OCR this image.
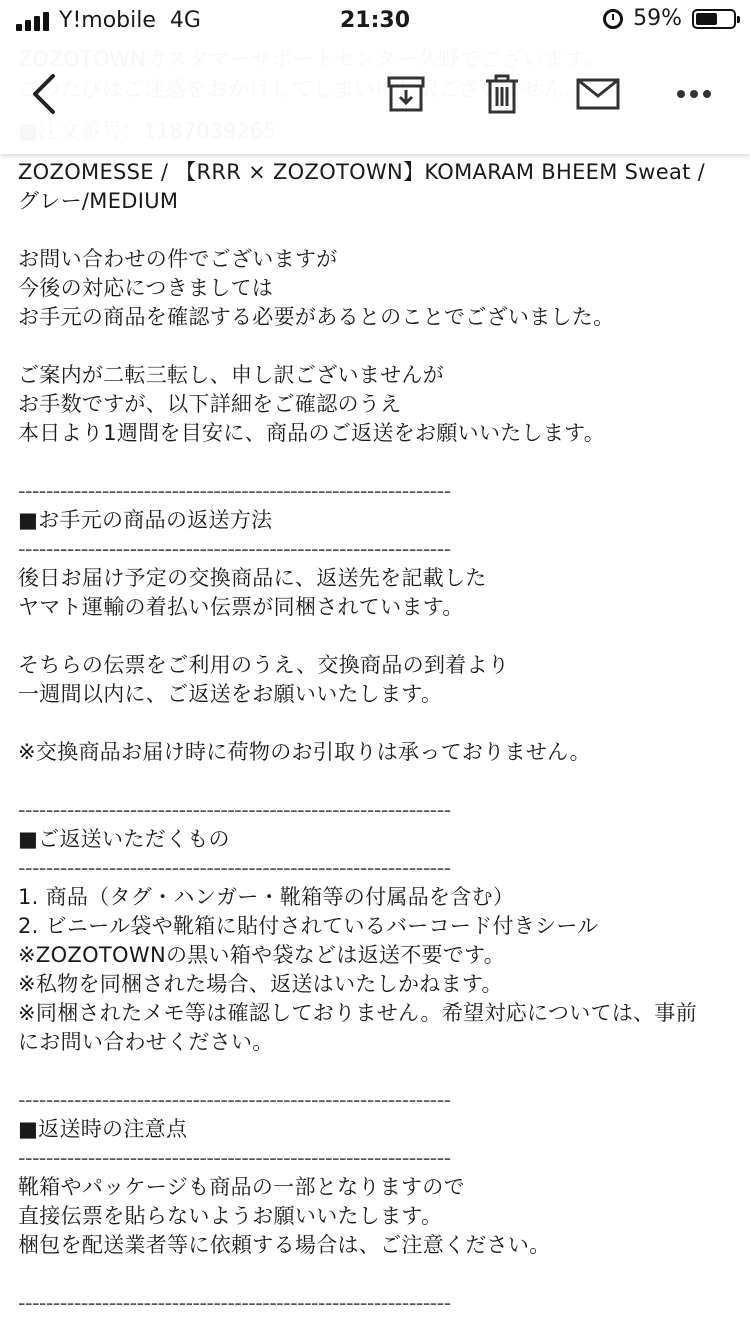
Y!mobile 4G	21:30	59%
ZOZOMESSE / 【RRR × ZOZOTOWN】KOMARAM BHEEM Sweat /
グレー/MEDIUM
お問い合わせの件でございますが
今後の対応につきましては
お手元の商品を確認する必要があるとのことでございました。
ご案内が二転三転し、申し訳ございませんが
お手数ですが、以下詳細をご確認のうえ
本日より1週間を目安に、商品のご返送をお願いいたします。
--------------------------------------------------------------
■お手元の商品の返送方法
--------------------------------------------------------------
後日お届け予定の交換商品に、返送先を記載した
ヤマト運輸の着払い伝票が同梱されています。
そちらの伝票をご利用のうえ、交換商品の到着より
一週間以内に、ご返送をお願いいたします。
※交換商品お届け時に荷物のお引取りは承っておりません。
--------------------------------------------------------------
■ご返送いただくもの
--------------------------------------------------------------
1. 商品（タグ・ハンガー・靴箱等の付属品を含む）
2. ビニール袋や靴箱に貼付されているバーコード付きシール
※ZOZOTOWNの黒い箱や袋などは返送不要です。
※私物を同梱された場合、返送はいたしかねます。
※同梱されたメモ等は確認しておりません。希望対応については、事前
にお問い合わせください。
--------------------------------------------------------------
■返送時の注意点
--------------------------------------------------------------
靴箱やパッケージも商品の一部となりますので
直接伝票を貼らないようお願いいたします。
梱包を配送業者等に依頼する場合は、ご注意ください。
--------------------------------------------------------------
